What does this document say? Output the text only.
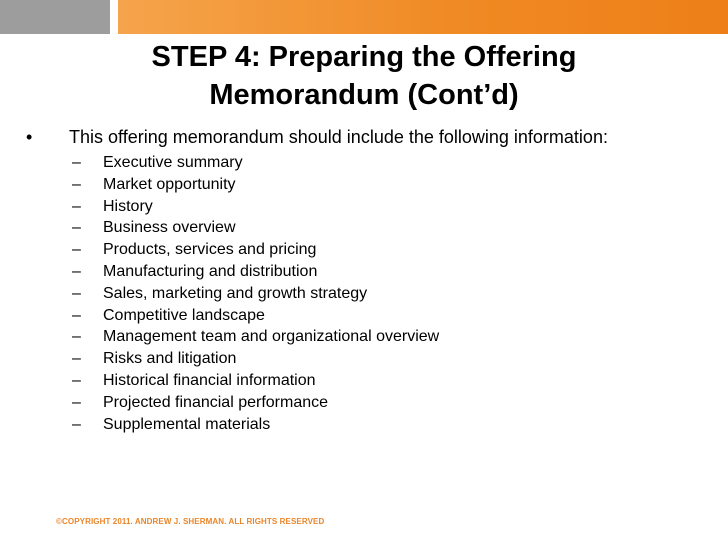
STEP 4: Preparing the Offering
Memorandum (Cont’d)
•	This offering memorandum should include the following information:
–	Executive summary
–	Market opportunity
–	History
–	Business overview
–	Products, services and pricing
–	Manufacturing and distribution
–	Sales, marketing and growth strategy
–	Competitive landscape
–	Management team and organizational overview
–	Risks and litigation
–	Historical financial information
–	Projected financial performance
–	Supplemental materials
©COPYRIGHT 2011. ANDREW J. SHERMAN. ALL RIGHTS RESERVED
